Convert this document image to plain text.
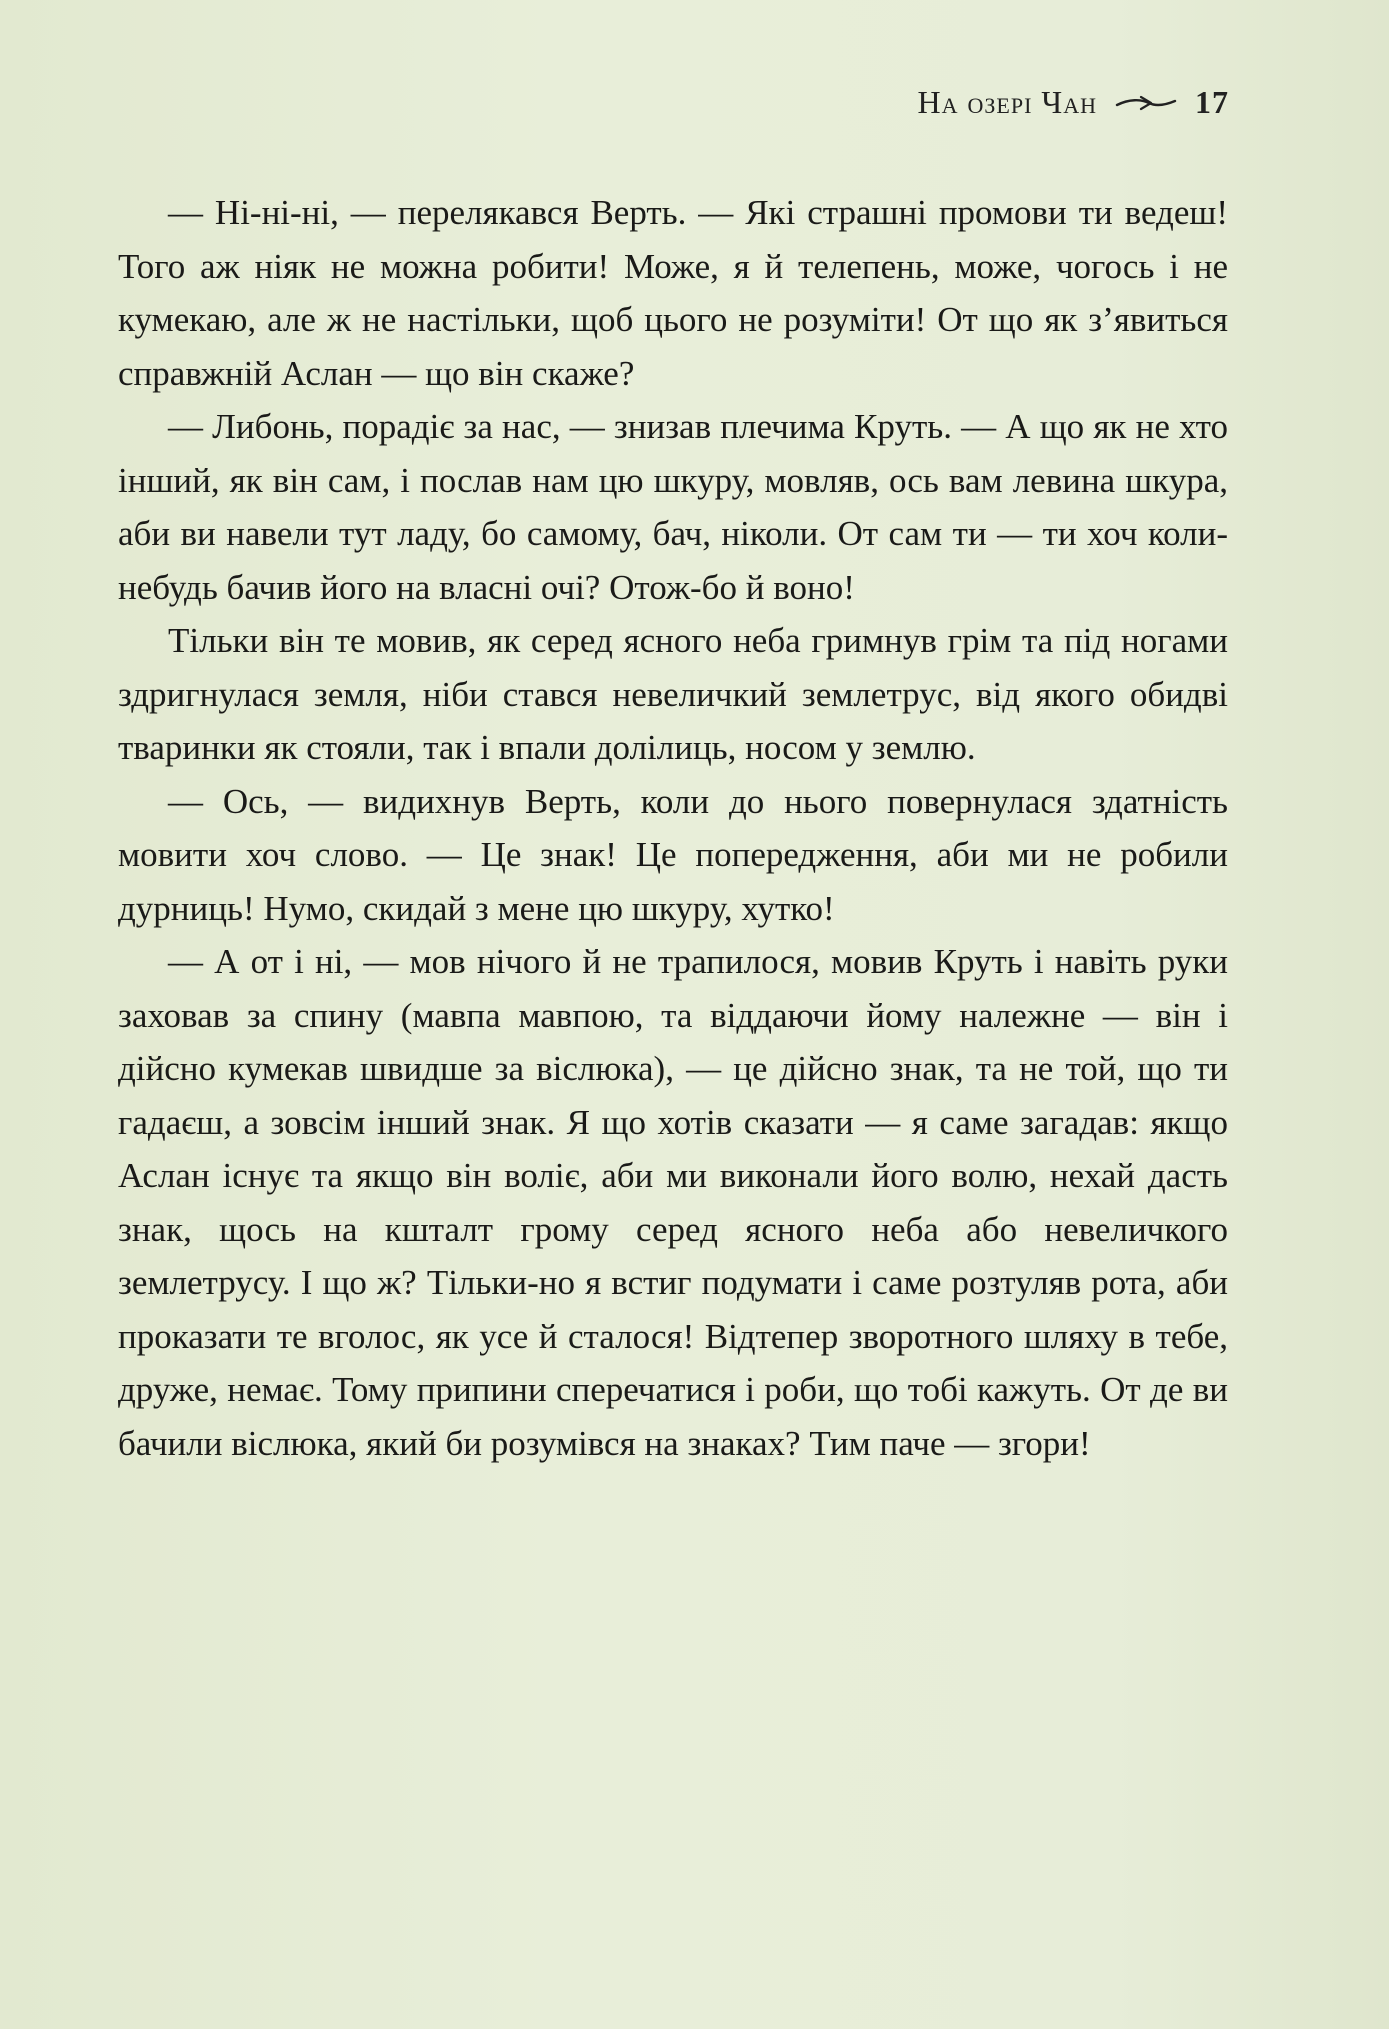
На озері Чан	17

— Ні-ні-ні, — перелякався Верть. — Які страшні промови ти ведеш! Того аж ніяк не можна робити! Може, я й телепень, може, чогось і не кумекаю, але ж не настільки, щоб цього не розуміти! От що як з’явиться справжній Аслан — що він скаже?

— Либонь, порадіє за нас, — знизав плечима Круть. — А що як не хто інший, як він сам, і послав нам цю шкуру, мовляв, ось вам левина шкура, аби ви навели тут ладу, бо самому, бач, ніколи. От сам ти — ти хоч коли-небудь бачив його на власні очі? Отож-бо й воно!

Тільки він те мовив, як серед ясного неба гримнув грім та під ногами здригнулася земля, ніби стався невеличкий землетрус, від якого обидві тваринки як стояли, так і впали долілиць, носом у землю.

— Ось, — видихнув Верть, коли до нього повернулася здатність мовити хоч слово. — Це знак! Це попередження, аби ми не робили дурниць! Нумо, скидай з мене цю шкуру, хутко!

— А от і ні, — мов нічого й не трапилося, мовив Круть і навіть руки заховав за спину (мавпа мавпою, та віддаючи йому належне — він і дійсно кумекав швидше за віслюка), — це дійсно знак, та не той, що ти гадаєш, а зовсім інший знак. Я що хотів сказати — я саме загадав: якщо Аслан існує та якщо він воліє, аби ми виконали його волю, нехай дасть знак, щось на кшталт грому серед ясного неба або невеличкого землетрусу. І що ж? Тільки-но я встиг подумати і саме розтуляв рота, аби проказати те вголос, як усе й сталося! Відтепер зворотного шляху в тебе, друже, немає. Тому припини сперечатися і роби, що тобі кажуть. От де ви бачили віслюка, який би розумівся на знаках? Тим паче — згори!
